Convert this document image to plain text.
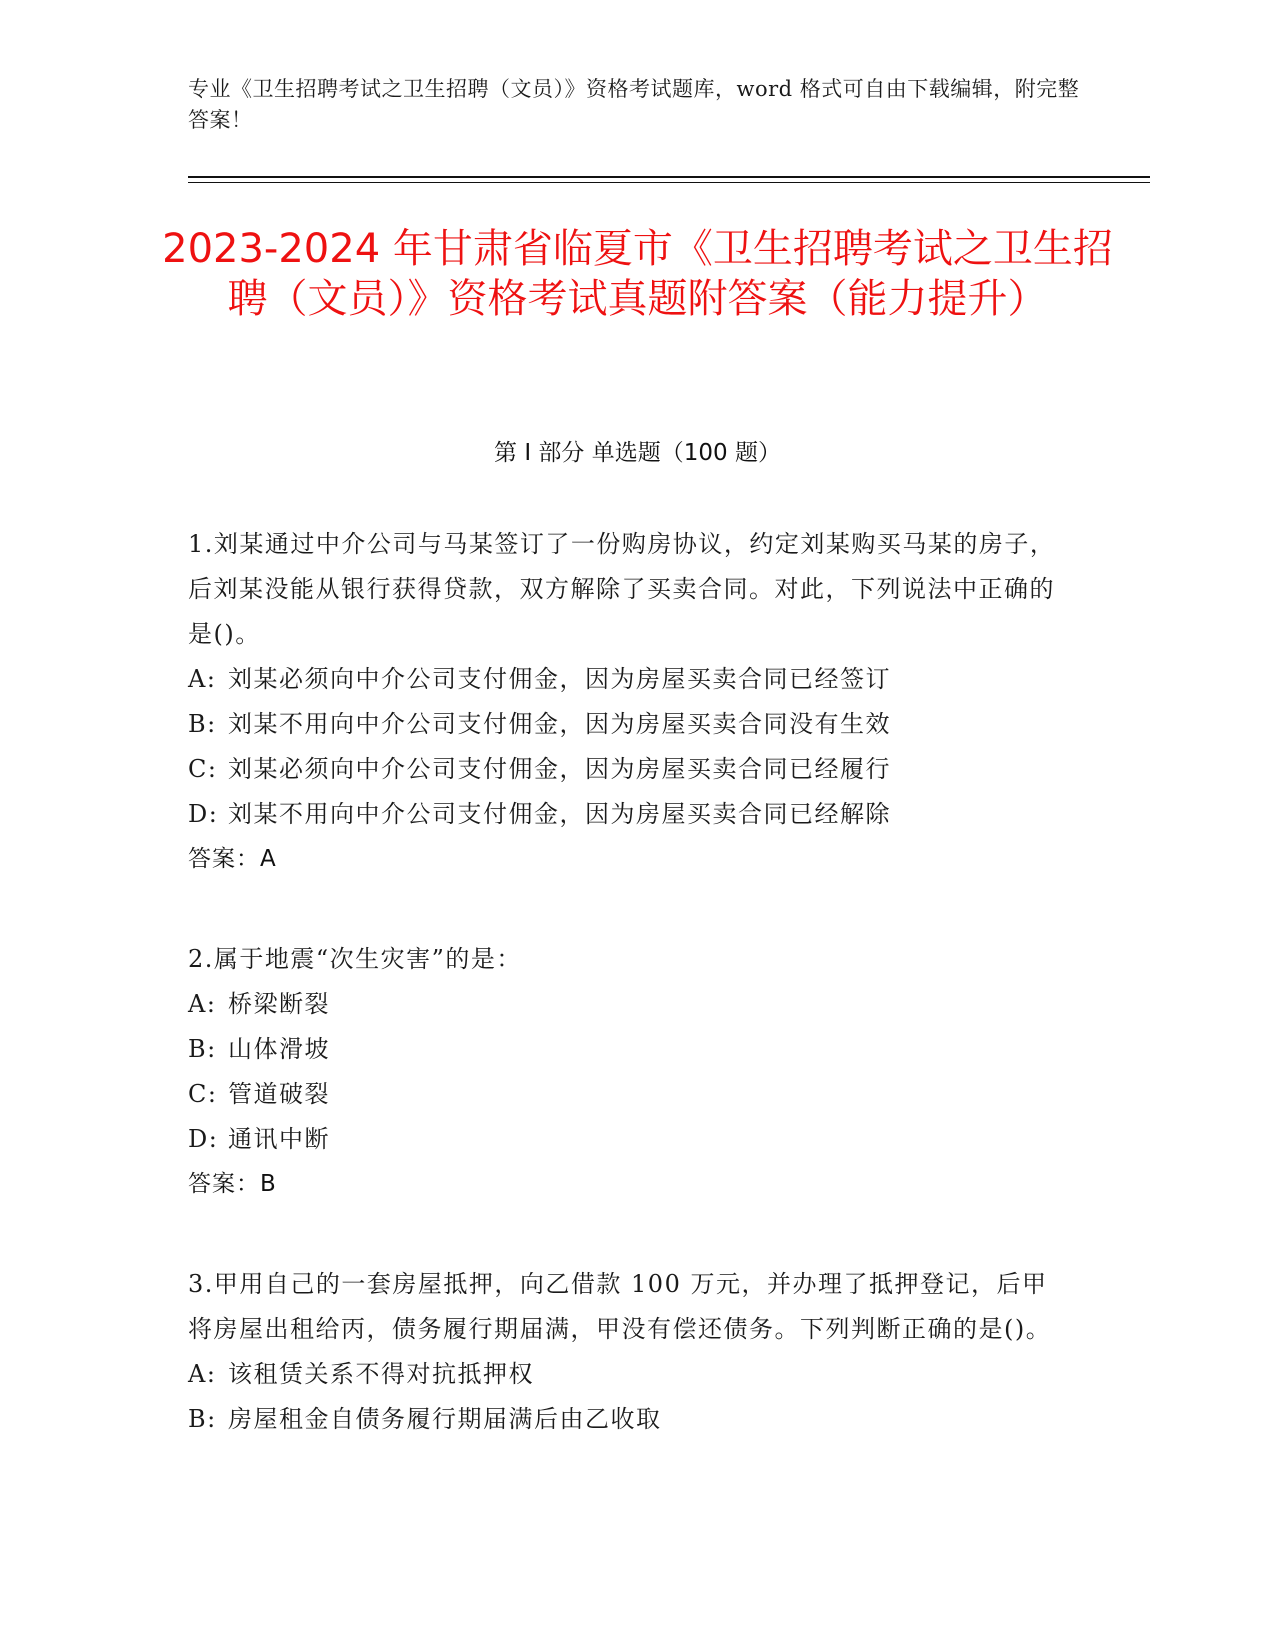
专业《卫生招聘考试之卫生招聘（文员）》资格考试题库，word 格式可自由下载编辑，附完整答案！
2023-2024 年甘肃省临夏市《卫生招聘考试之卫生招聘（文员）》资格考试真题附答案（能力提升）
第 I 部分 单选题（100 题）
1.刘某通过中介公司与马某签订了一份购房协议，约定刘某购买马某的房子，后刘某没能从银行获得贷款，双方解除了买卖合同。对此，下列说法中正确的是()。
A: 刘某必须向中介公司支付佣金，因为房屋买卖合同已经签订
B: 刘某不用向中介公司支付佣金，因为房屋买卖合同没有生效
C: 刘某必须向中介公司支付佣金，因为房屋买卖合同已经履行
D: 刘某不用向中介公司支付佣金，因为房屋买卖合同已经解除
答案：A
2.属于地震“次生灾害”的是：
A: 桥梁断裂
B: 山体滑坡
C: 管道破裂
D: 通讯中断
答案：B
3.甲用自己的一套房屋抵押，向乙借款 100 万元，并办理了抵押登记，后甲将房屋出租给丙，债务履行期届满，甲没有偿还债务。下列判断正确的是()。
A: 该租赁关系不得对抗抵押权
B: 房屋租金自债务履行期届满后由乙收取
